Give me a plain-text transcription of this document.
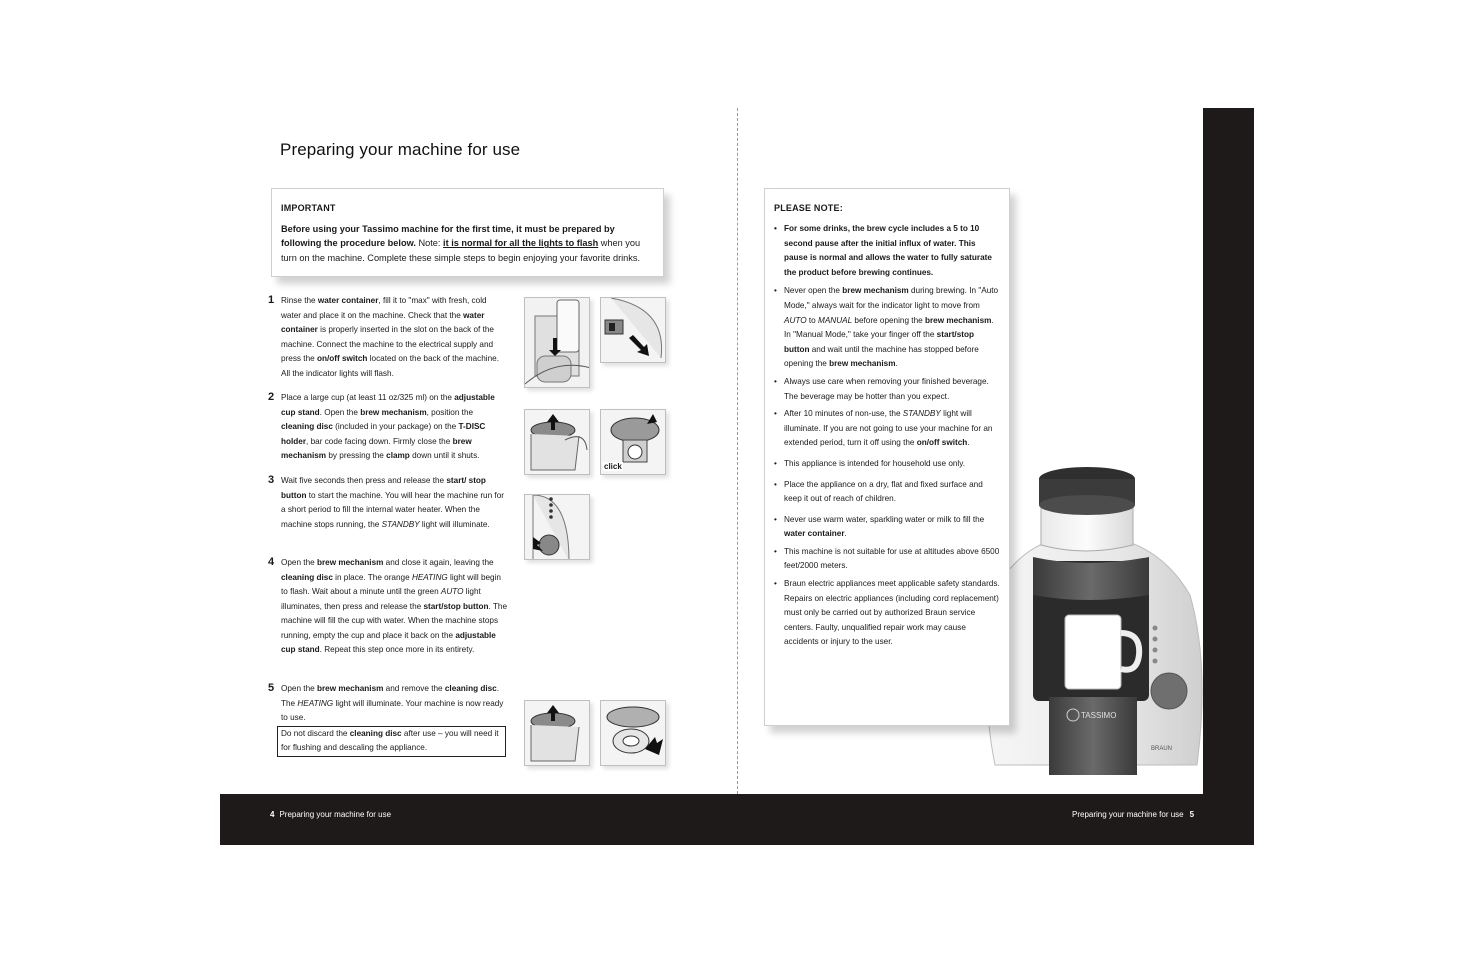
Preparing your machine for use
IMPORTANT
Before using your Tassimo machine for the first time, it must be prepared by following the procedure below. Note: it is normal for all the lights to flash when you turn on the machine. Complete these simple steps to begin enjoying your favorite drinks.
1 Rinse the water container, fill it to "max" with fresh, cold water and place it on the machine. Check that the water container is properly inserted in the slot on the back of the machine. Connect the machine to the electrical supply and press the on/off switch located on the back of the machine. All the indicator lights will flash.
2 Place a large cup (at least 11 oz/325 ml) on the adjustable cup stand. Open the brew mechanism, position the cleaning disc (included in your package) on the T-DISC holder, bar code facing down. Firmly close the brew mechanism by pressing the clamp down until it shuts.
3 Wait five seconds then press and release the start/ stop button to start the machine. You will hear the machine run for a short period to fill the internal water heater. When the machine stops running, the STANDBY light will illuminate.
4 Open the brew mechanism and close it again, leaving the cleaning disc in place. The orange HEATING light will begin to flash. Wait about a minute until the green AUTO light illuminates, then press and release the start/stop button. The machine will fill the cup with water. When the machine stops running, empty the cup and place it back on the adjustable cup stand. Repeat this step once more in its entirety.
5 Open the brew mechanism and remove the cleaning disc. The HEATING light will illuminate. Your machine is now ready to use.
Do not discard the cleaning disc after use – you will need it for flushing and descaling the appliance.
click
TASSIMO
BRAUN
PLEASE NOTE:
• For some drinks, the brew cycle includes a 5 to 10 second pause after the initial influx of water. This pause is normal and allows the water to fully saturate the product before brewing continues.
• Never open the brew mechanism during brewing. In "Auto Mode," always wait for the indicator light to move from AUTO to MANUAL before opening the brew mechanism. In "Manual Mode," take your finger off the start/stop button and wait until the machine has stopped before opening the brew mechanism.
• Always use care when removing your finished beverage. The beverage may be hotter than you expect.
• After 10 minutes of non-use, the STANDBY light will illuminate. If you are not going to use your machine for an extended period, turn it off using the on/off switch.
• This appliance is intended for household use only.
• Place the appliance on a dry, flat and fixed surface and keep it out of reach of children.
• Never use warm water, sparkling water or milk to fill the water container.
• This machine is not suitable for use at altitudes above 6500 feet/2000 meters.
• Braun electric appliances meet applicable safety standards. Repairs on electric appliances (including cord replacement) must only be carried out by authorized Braun service centers. Faulty, unqualified repair work may cause accidents or injury to the user.
4 Preparing your machine for use	Preparing your machine for use 5
